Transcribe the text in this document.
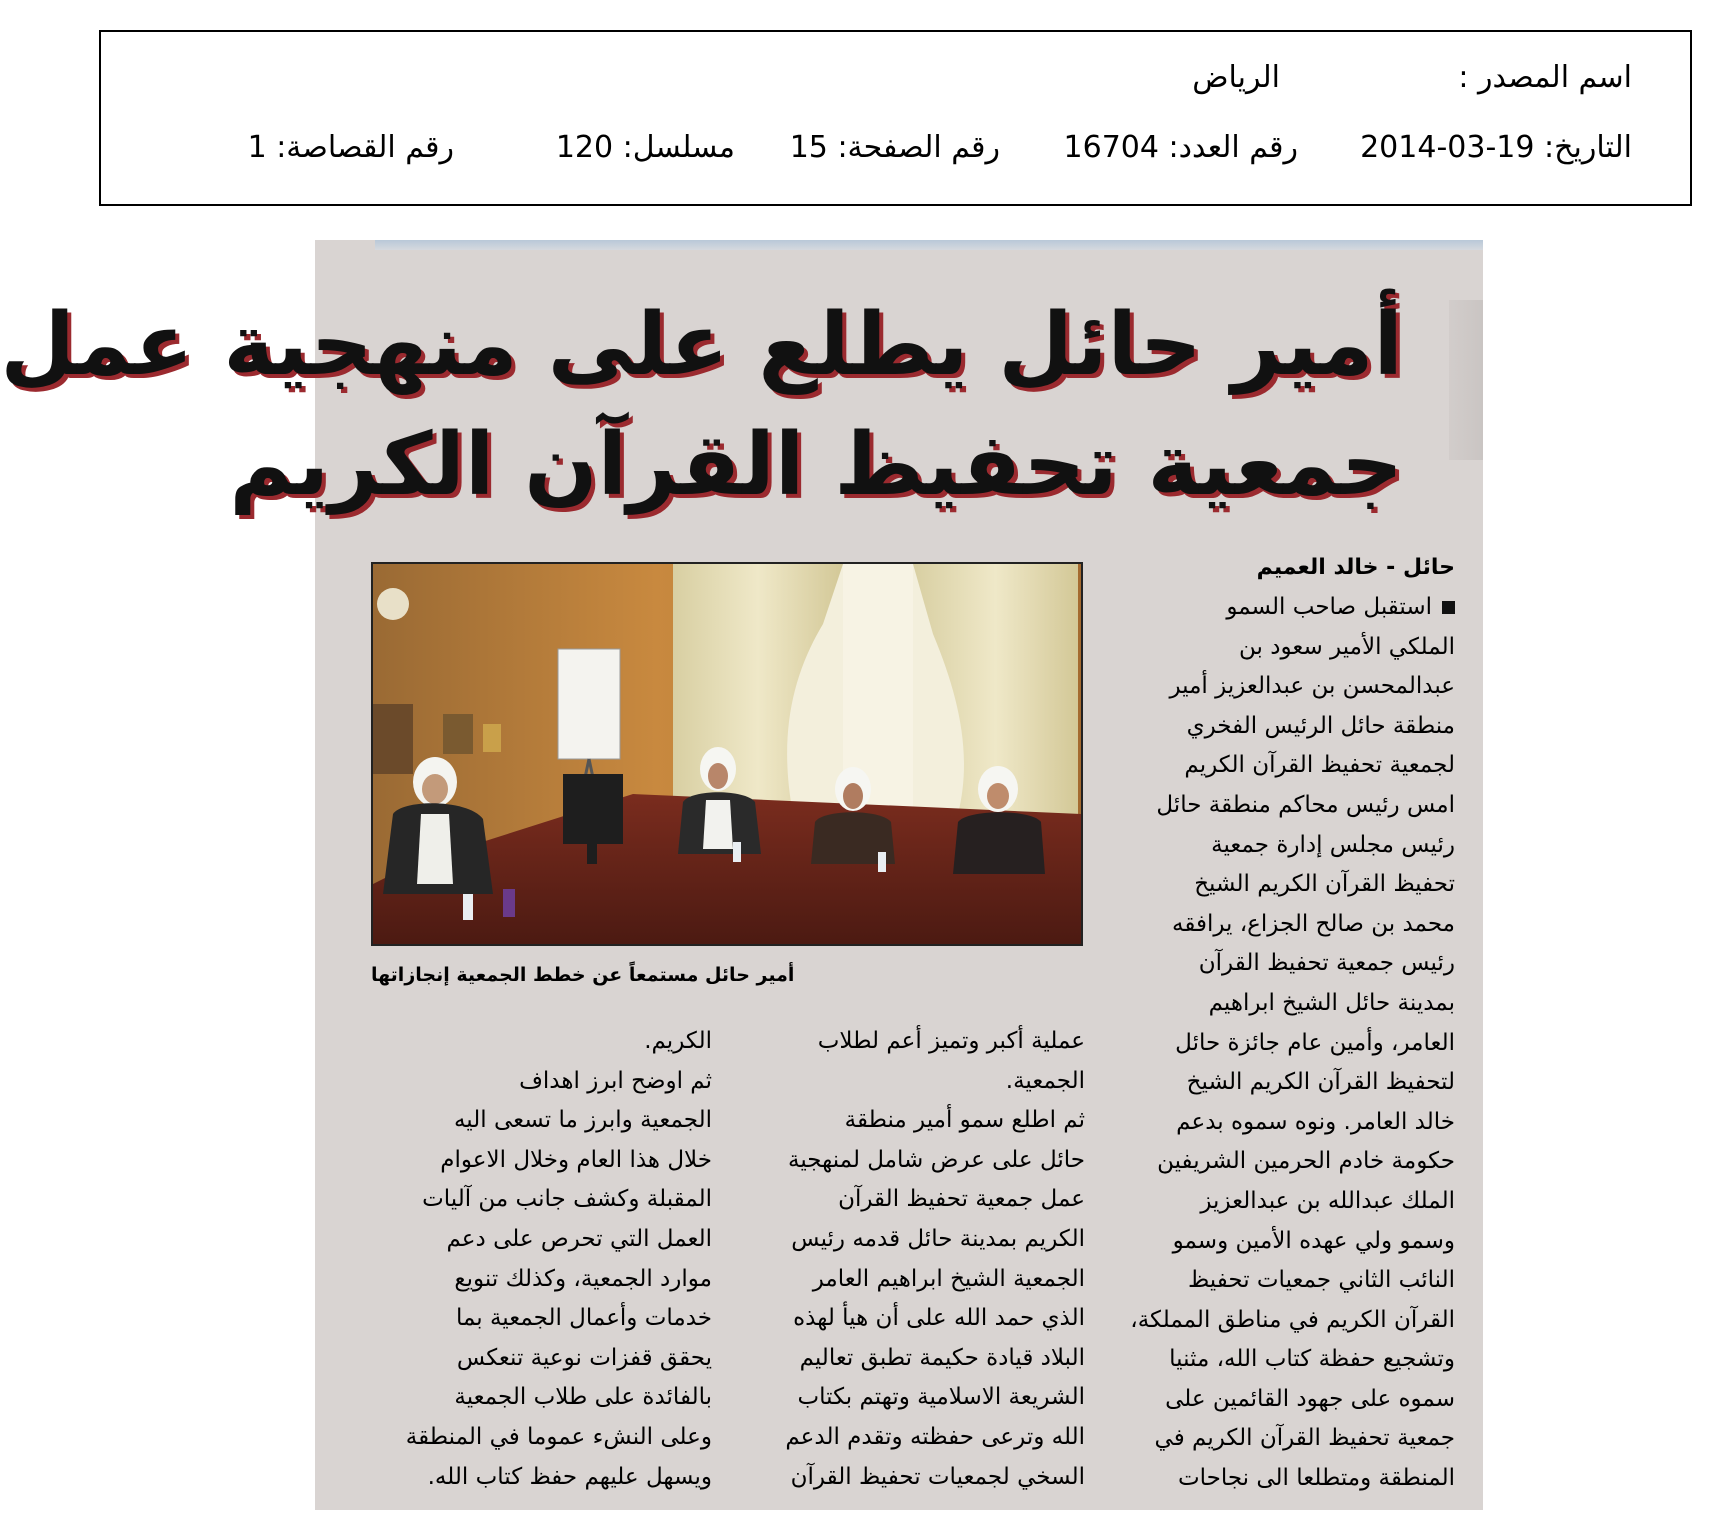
اسم المصدر :
الرياض
التاريخ: 19-03-2014
رقم العدد: 16704
رقم الصفحة: 15
مسلسل: 120
رقم القصاصة: 1
أمير حائل يطلع على منهجية عمل
جمعية تحفيظ القرآن الكريم
حائل - خالد العميم
أمير حائل مستمعاً عن خطط الجمعية إنجازاتها

استقبل صاحب السمو

الملكي الأمير سعود بن

عبدالمحسن بن عبدالعزيز أمير

منطقة حائل الرئيس الفخري

لجمعية تحفيظ القرآن الكريم

امس رئيس محاكم منطقة حائل

رئيس مجلس إدارة جمعية

تحفيظ القرآن الكريم الشيخ

محمد بن صالح الجزاع، يرافقه

رئيس جمعية تحفيظ القرآن

بمدينة حائل الشيخ ابراهيم

العامر، وأمين عام جائزة حائل

لتحفيظ القرآن الكريم الشيخ

خالد العامر. ونوه سموه بدعم

حكومة خادم الحرمين الشريفين

الملك عبدالله بن عبدالعزيز

وسمو ولي عهده الأمين وسمو

النائب الثاني جمعيات تحفيظ

القرآن الكريم في مناطق المملكة،

وتشجيع حفظة كتاب الله، مثنيا

سموه على جهود القائمين على

جمعية تحفيظ القرآن الكريم في

المنطقة ومتطلعا الى نجاحات

عملية أكبر وتميز أعم لطلاب

الجمعية.

ثم اطلع سمو أمير منطقة

حائل على عرض شامل لمنهجية

عمل جمعية تحفيظ القرآن

الكريم بمدينة حائل قدمه رئيس

الجمعية الشيخ ابراهيم العامر

الذي حمد الله على أن هيأ لهذه

البلاد قيادة حكيمة تطبق تعاليم

الشريعة الاسلامية وتهتم بكتاب

الله وترعى حفظته وتقدم الدعم

السخي لجمعيات تحفيظ القرآن

الكريم.

ثم اوضح ابرز اهداف

الجمعية وابرز ما تسعى اليه

خلال هذا العام وخلال الاعوام

المقبلة وكشف جانب من آليات

العمل التي تحرص على دعم

موارد الجمعية، وكذلك تنويع

خدمات وأعمال الجمعية بما

يحقق قفزات نوعية تنعكس

بالفائدة على طلاب الجمعية

وعلى النشء عموما في المنطقة

ويسهل عليهم حفظ كتاب الله.
